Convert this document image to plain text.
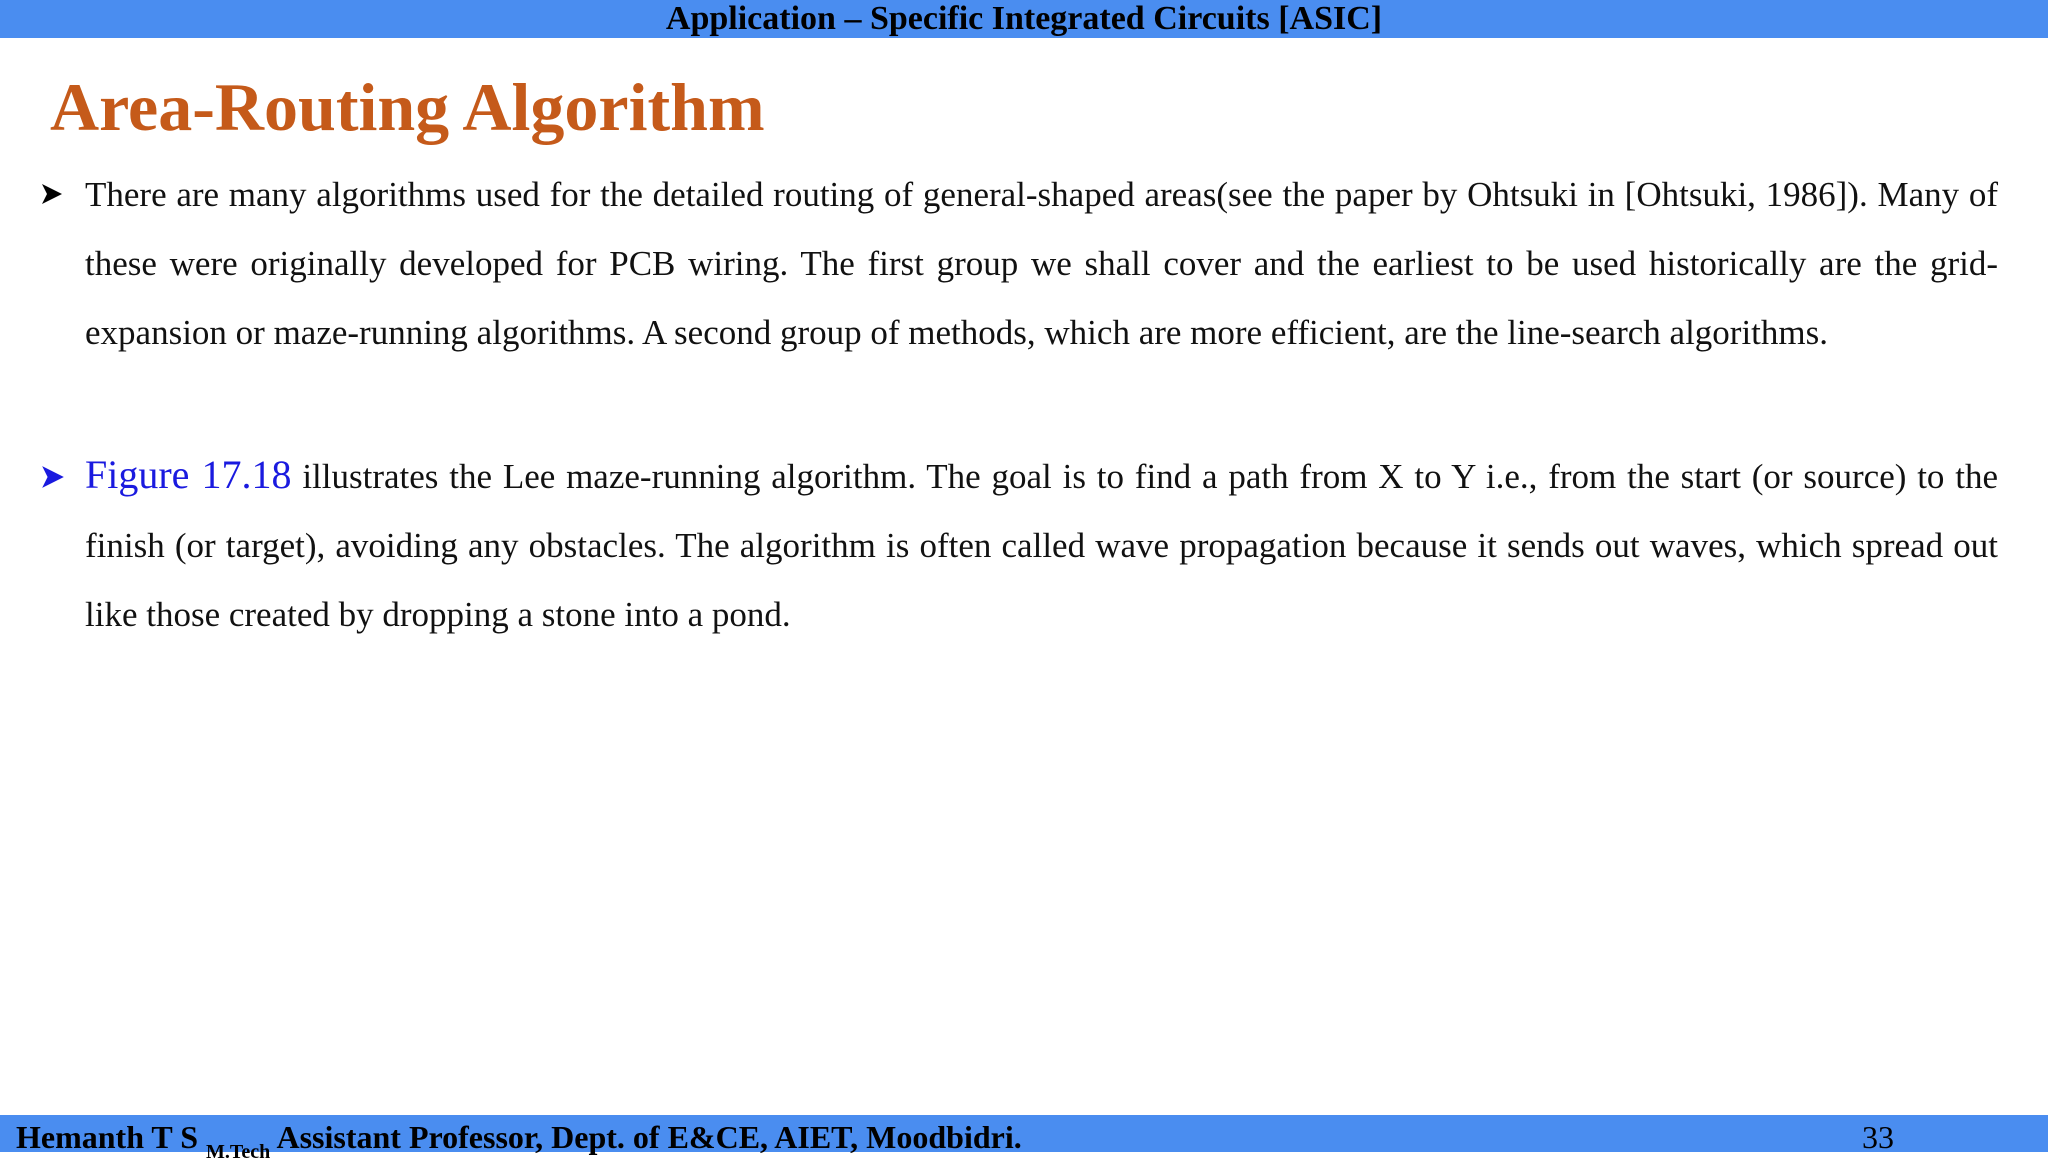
Application – Specific Integrated Circuits [ASIC]
Area-Routing Algorithm
There are many algorithms used for the detailed routing of general-shaped areas(see the paper by Ohtsuki in [Ohtsuki, 1986]). Many of these were originally developed for PCB wiring. The first group we shall cover and the earliest to be used historically are the grid-expansion or maze-running algorithms. A second group of methods, which are more efficient, are the line-search algorithms.
Figure 17.18 illustrates the Lee maze-running algorithm. The goal is to find a path from X to Y i.e., from the start (or source) to the finish (or target), avoiding any obstacles. The algorithm is often called wave propagation because it sends out waves, which spread out like those created by dropping a stone into a pond.
Hemanth T S $_{M.Tech}$ Assistant Professor, Dept. of E&CE, AIET, Moodbidri.	33
